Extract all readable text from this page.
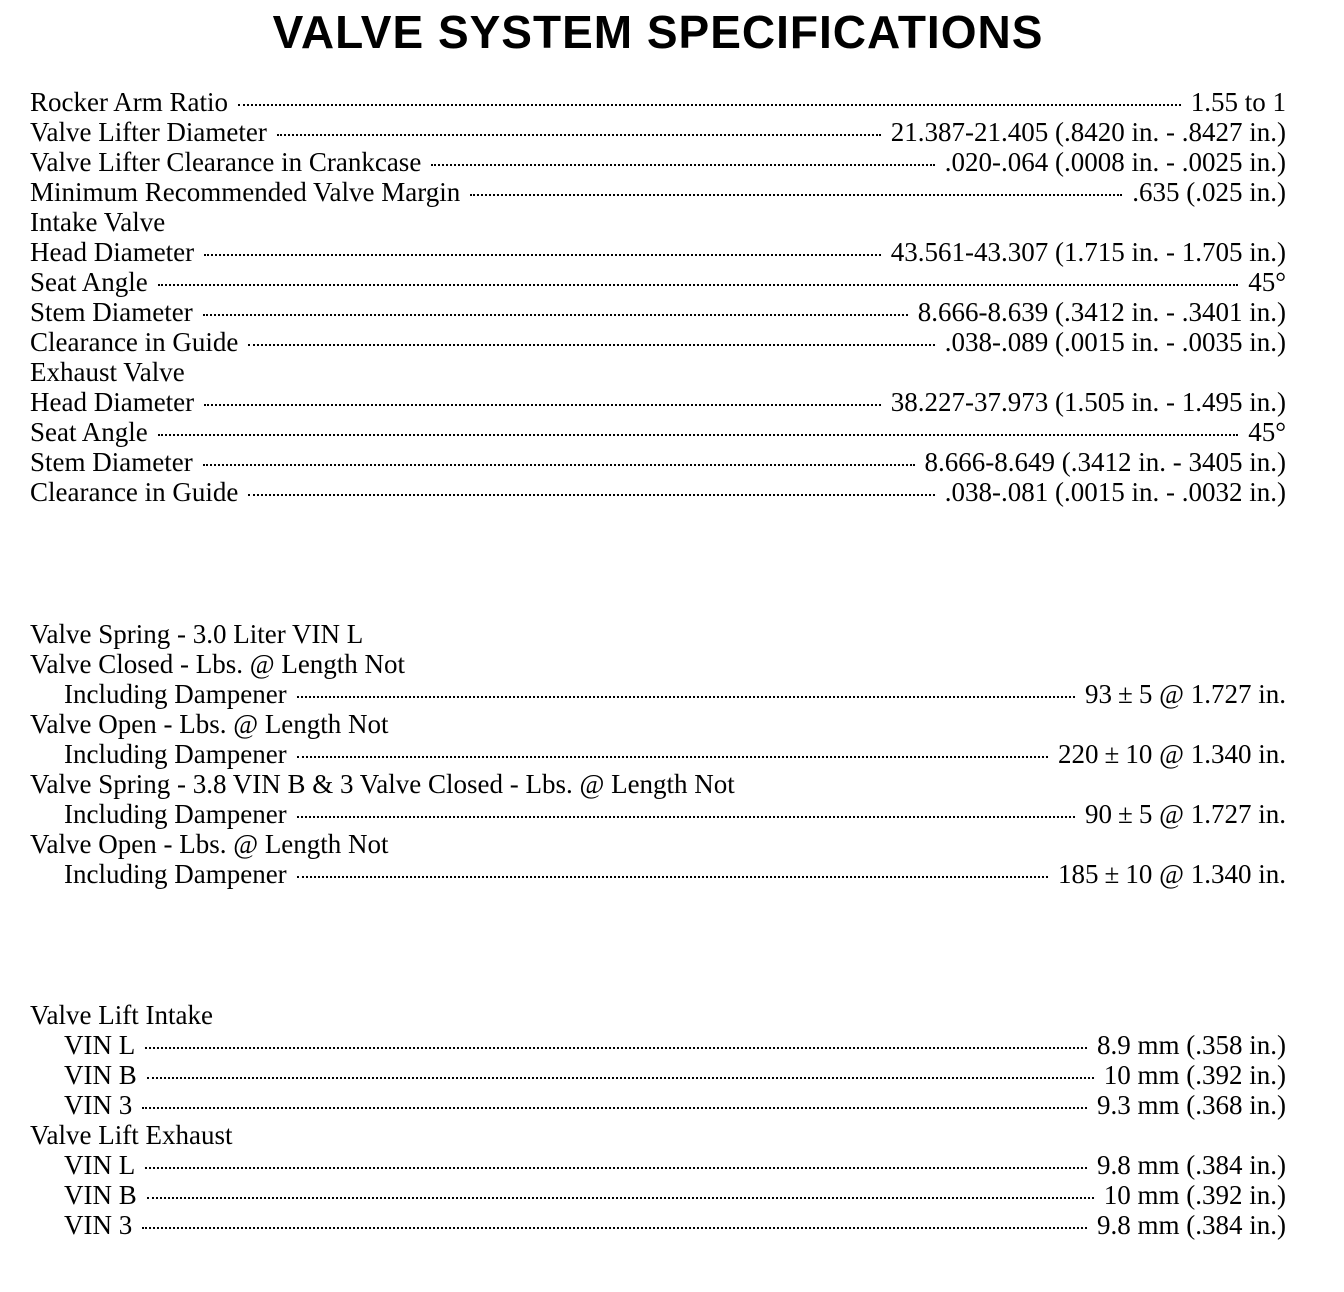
VALVE SYSTEM SPECIFICATIONS
Rocker Arm Ratio	1.55 to 1
Valve Lifter Diameter	21.387-21.405 (.8420 in. - .8427 in.)
Valve Lifter Clearance in Crankcase	.020-.064 (.0008 in. - .0025 in.)
Minimum Recommended Valve Margin	.635 (.025 in.)
Intake Valve
Head Diameter	43.561-43.307 (1.715 in. - 1.705 in.)
Seat Angle	45°
Stem Diameter	8.666-8.639 (.3412 in. - .3401 in.)
Clearance in Guide	.038-.089 (.0015 in. - .0035 in.)
Exhaust Valve
Head Diameter	38.227-37.973 (1.505 in. - 1.495 in.)
Seat Angle	45°
Stem Diameter	8.666-8.649 (.3412 in. - 3405 in.)
Clearance in Guide	.038-.081 (.0015 in. - .0032 in.)
Valve Spring - 3.0 Liter VIN L
Valve Closed - Lbs. @ Length Not
Including Dampener	93 ± 5 @ 1.727 in.
Valve Open - Lbs. @ Length Not
Including Dampener	220 ± 10 @ 1.340 in.
Valve Spring - 3.8 VIN B & 3 Valve Closed - Lbs. @ Length Not
Including Dampener	90 ± 5 @ 1.727 in.
Valve Open - Lbs. @ Length Not
Including Dampener	185 ± 10 @ 1.340 in.
Valve Lift Intake
VIN L	8.9 mm (.358 in.)
VIN B	10 mm (.392 in.)
VIN 3	9.3 mm (.368 in.)
Valve Lift Exhaust
VIN L	9.8 mm (.384 in.)
VIN B	10 mm (.392 in.)
VIN 3	9.8 mm (.384 in.)
